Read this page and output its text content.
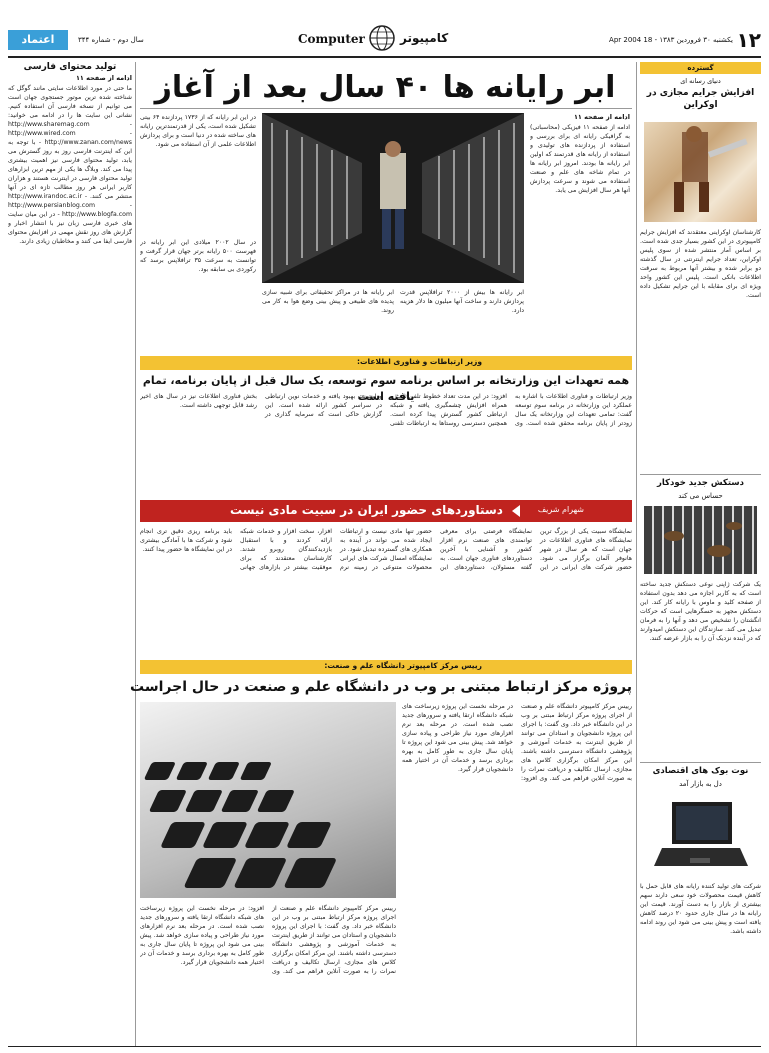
۱۲
یکشنبه ۳۰ فروردین ۱۳۸۳ - 18 Apr 2004
Computer	کامپیوتر
سال دوم - شماره ۳۴۴
اعتماد
تولید محتوای فارسی
ادامه از صفحه ۱۱
ما حتی در مورد اطلاعات سایتی مانند گوگل که شناخته شده ترین موتور جستجوی جهان است می توانیم از نسخه فارسی آن استفاده کنیم. نشانی این سایت ها را در ادامه می خوانید: http://www.sharemag.com - http://www.wired.com - http://www.zanan.com/news - با توجه به این که اینترنت فارسی روز به روز گسترش می یابد، تولید محتوای فارسی نیز اهمیت بیشتری پیدا می کند. وبلاگ ها یکی از مهم ترین ابزارهای تولید محتوای فارسی در اینترنت هستند و هزاران کاربر ایرانی هر روز مطالب تازه ای در آنها منتشر می کنند. http://www.irandoc.ac.ir - http://www.persianblog.com - http://www.blogfa.com - در این میان سایت های خبری فارسی زبان نیز با انتشار اخبار و گزارش های روز نقش مهمی در افزایش محتوای فارسی ایفا می کنند و مخاطبان زیادی دارند.
گسترده
دنیای رسانه ای
افزایش جرایم مجازی در اوکراین
کارشناسان اوکراینی معتقدند که افزایش جرایم کامپیوتری در این کشور بسیار جدی شده است. بر اساس آمار منتشر شده از سوی پلیس اوکراین، تعداد جرایم اینترنتی در سال گذشته دو برابر شده و بیشتر آنها مربوط به سرقت اطلاعات بانکی است. پلیس این کشور واحد ویژه ای برای مقابله با این جرایم تشکیل داده است.
دستکش جدید خودکار
حساس می کند
یک شرکت ژاپنی نوعی دستکش جدید ساخته است که به کاربر اجازه می دهد بدون استفاده از صفحه کلید و ماوس با رایانه کار کند. این دستکش مجهز به حسگرهایی است که حرکات انگشتان را تشخیص می دهد و آنها را به فرمان تبدیل می کند. سازندگان این دستکش امیدوارند که در آینده نزدیک آن را به بازار عرضه کنند.
نوت بوک های اقتصادی
دل به بازار آمد
شرکت های تولید کننده رایانه های قابل حمل با کاهش قیمت محصولات خود سعی دارند سهم بیشتری از بازار را به دست آورند. قیمت این رایانه ها در سال جاری حدود ۲۰ درصد کاهش یافته است و پیش بینی می شود این روند ادامه داشته باشد.
ابر رایانه ها ۴۰ سال بعد از آغاز
ادامه از صفحه ۱۱
ادامه از صفحه ۱۱ فیزیکی (محاسباتی) به گرافیکی رایانه ای برای بررسی و استفاده از پردازنده های تولیدی و استفاده از رایانه های قدرتمند که اولین ابر رایانه ها بودند. امروز ابر رایانه ها در تمام شاخه های علم و صنعت استفاده می شوند و سرعت پردازش آنها هر سال افزایش می یابد.
ابر رایانه ها بیش از ۲۰۰۰ ترافلاپس قدرت پردازش دارند و ساخت آنها میلیون ها دلار هزینه دارد.
ابر رایانه ها در مراکز تحقیقاتی برای شبیه سازی پدیده های طبیعی و پیش بینی وضع هوا به کار می روند.
در این ابر رایانه که از ۱۷۳۶ پردازنده ۶۴ بیتی تشکیل شده است، یکی از قدرتمندترین رایانه های ساخته شده در دنیا است و برای پردازش اطلاعات علمی از آن استفاده می شود.
در سال ۲۰۰۲ میلادی این ابر رایانه در فهرست ۵۰۰ رایانه برتر جهان قرار گرفت و توانست به سرعت ۳۵ ترافلاپس برسد که رکوردی بی سابقه بود.
وزیر ارتباطات و فناوری اطلاعات:
همه تعهدات این وزارتخانه بر اساس برنامه سوم توسعه، یک سال قبل از پایان برنامه، تمام یافته است	وزیر ارتباطات و فناوری اطلاعات با اشاره به عملکرد این وزارتخانه در برنامه سوم توسعه گفت: تمامی تعهدات این وزارتخانه یک سال زودتر از پایان برنامه محقق شده است. وی افزود: در این مدت تعداد خطوط تلفن ثابت و همراه افزایش چشمگیری یافته و شبکه ارتباطی کشور گسترش پیدا کرده است. همچنین دسترسی روستاها به ارتباطات تلفنی و اینترنت بهبود یافته و خدمات نوین ارتباطی در سراسر کشور ارائه شده است. این گزارش حاکی است که سرمایه گذاری در بخش فناوری اطلاعات نیز در سال های اخیر رشد قابل توجهی داشته است.
شهرام شریف
دستاوردهای حضور ایران در سبیت مادی نیست
نمایشگاه سبیت یکی از بزرگ ترین نمایشگاه های فناوری اطلاعات در جهان است که هر سال در شهر هانوفر آلمان برگزار می شود. حضور شرکت های ایرانی در این نمایشگاه فرصتی برای معرفی توانمندی های صنعت نرم افزار کشور و آشنایی با آخرین دستاوردهای فناوری جهان است. به گفته مسئولان، دستاوردهای این حضور تنها مادی نیست و ارتباطات ایجاد شده می تواند در آینده به همکاری های گسترده تبدیل شود. در نمایشگاه امسال شرکت های ایرانی محصولات متنوعی در زمینه نرم افزار، سخت افزار و خدمات شبکه ارائه کردند و با استقبال بازدیدکنندگان روبرو شدند. کارشناسان معتقدند که برای موفقیت بیشتر در بازارهای جهانی باید برنامه ریزی دقیق تری انجام شود و شرکت ها با آمادگی بیشتری در این نمایشگاه ها حضور پیدا کنند.
رییس مرکز کامپیوتر دانشگاه علم و صنعت:
پروژه مرکز ارتباط مبتنی بر وب در دانشگاه علم و صنعت در حال اجراست
رییس مرکز کامپیوتر دانشگاه علم و صنعت از اجرای پروژه مرکز ارتباط مبتنی بر وب در این دانشگاه خبر داد. وی گفت: با اجرای این پروژه دانشجویان و استادان می توانند از طریق اینترنت به خدمات آموزشی و پژوهشی دانشگاه دسترسی داشته باشند. این مرکز امکان برگزاری کلاس های مجازی، ارسال تکالیف و دریافت نمرات را به صورت آنلاین فراهم می کند. وی افزود: در مرحله نخست این پروژه زیرساخت های شبکه دانشگاه ارتقا یافته و سرورهای جدید نصب شده است. در مرحله بعد نرم افزارهای مورد نیاز طراحی و پیاده سازی خواهد شد. پیش بینی می شود این پروژه تا پایان سال جاری به طور کامل به بهره برداری برسد و خدمات آن در اختیار همه دانشجویان قرار گیرد.
رییس مرکز کامپیوتر دانشگاه علم و صنعت از اجرای پروژه مرکز ارتباط مبتنی بر وب در این دانشگاه خبر داد. وی گفت: با اجرای این پروژه دانشجویان و استادان می توانند از طریق اینترنت به خدمات آموزشی و پژوهشی دانشگاه دسترسی داشته باشند. این مرکز امکان برگزاری کلاس های مجازی، ارسال تکالیف و دریافت نمرات را به صورت آنلاین فراهم می کند. وی افزود: در مرحله نخست این پروژه زیرساخت های شبکه دانشگاه ارتقا یافته و سرورهای جدید نصب شده است. در مرحله بعد نرم افزارهای مورد نیاز طراحی و پیاده سازی خواهد شد. پیش بینی می شود این پروژه تا پایان سال جاری به طور کامل به بهره برداری برسد و خدمات آن در اختیار همه دانشجویان قرار گیرد.
